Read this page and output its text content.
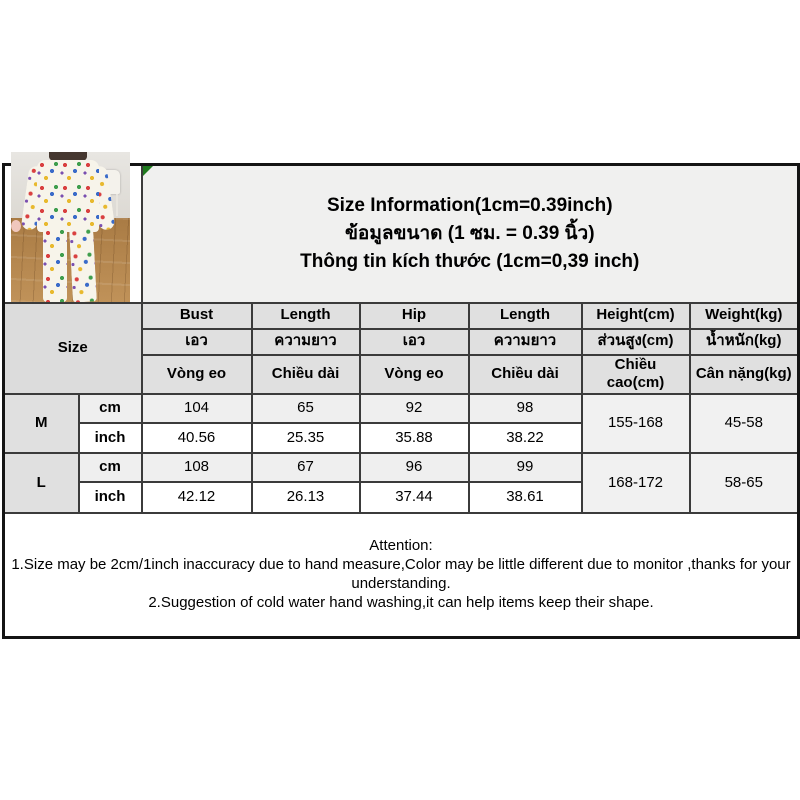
		Size Information(1cm=0.39inch)
ข้อมูลขนาด (1 ซม. = 0.39 นิ้ว)
Thông tin kích thước (1cm=0,39 inch)					

Size		Bust	Length	Hip	Length	Height(cm)	Weight(kg)
		เอว	ความยาว	เอว	ความยาว	ส่วนสูง(cm)	น้ำหนัก(kg)
		Vòng eo	Chiều dài	Vòng eo	Chiều dài	Chiều cao(cm)	Cân nặng(kg)
M	cm	104	65	92	98	155-168	45-58
	inch	40.56	25.35	35.88	38.22		
L	cm	108	67	96	99	168-172	58-65
	inch	42.12	26.13	37.44	38.61		

Attention:
1.Size may be 2cm/1inch inaccuracy due to hand measure,Color may be little different due to monitor ,thanks for your understanding.
2.Suggestion of cold water hand washing,it can help items keep their shape.							
